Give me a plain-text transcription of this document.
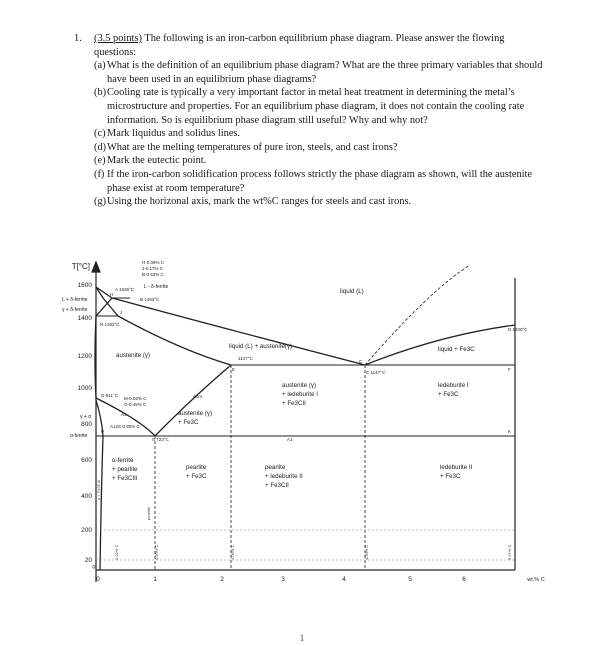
1. (3.5 points) The following is an iron-carbon equilibrium phase diagram. Please answer the flowing questions:
(a) What is the definition of an equilibrium phase diagram? What are the three primary variables that should have been used in an equilibrium phase diagrams?
(b) Cooling rate is typically a very important factor in metal heat treatment in determining the metal’s microstructure and properties. For an equilibrium phase diagram, it does not contain the cooling rate information. So is equilibrium phase diagram still useful? Why and why not?
(c) Mark liquidus and solidus lines.
(d) What are the melting temperatures of pure iron, steels, and cast irons?
(e) Mark the eutectic point.
(f) If the iron-carbon solidification process follows strictly the phase diagram as shown, will the austenite phase exist at room temperature?
(g) Using the horizonal axis, mark the wt%C ranges for steels and cast irons.
T[°C]
1600
1400
1200
1000
800
600
400
200
20
0	1	2	3	4	5	6	wt.% C
H-0.09% C
J-0.17% C
B-0.53% C
A 1536°C
B 1493°C
N 1392°C
C 1147°C
1147°C
D 1320°C
G 911°C
S 723°C
M-0.02% C
O-0.45% C
S-0.80% C
L + δ-ferrite
γ + δ-ferrite
γ + α
α-ferrite
liquid (L)
L - δ-ferrite
austenite (γ)
liquid (L) + austenite(γ)	liquid + Fe3C
austenite (γ)
+ ledeburite I
+ Fe3CII
ledeburite I
+ Fe3C
austenite (γ)
+ Fe3C
α-ferrite
+ pearlite
+ Fe3CIII
pearlite
+ Fe3C
pearlite
+ ledeburite II
+ Fe3CII
ledeburite II
+ Fe3C
H
J
E
C
F
P	K
Q
A3
Acm
A1
A12
α + Fe3CIII
0.02% C	0.80% C	2.06% C	4.30% C	6.67% C
pearlite
1
